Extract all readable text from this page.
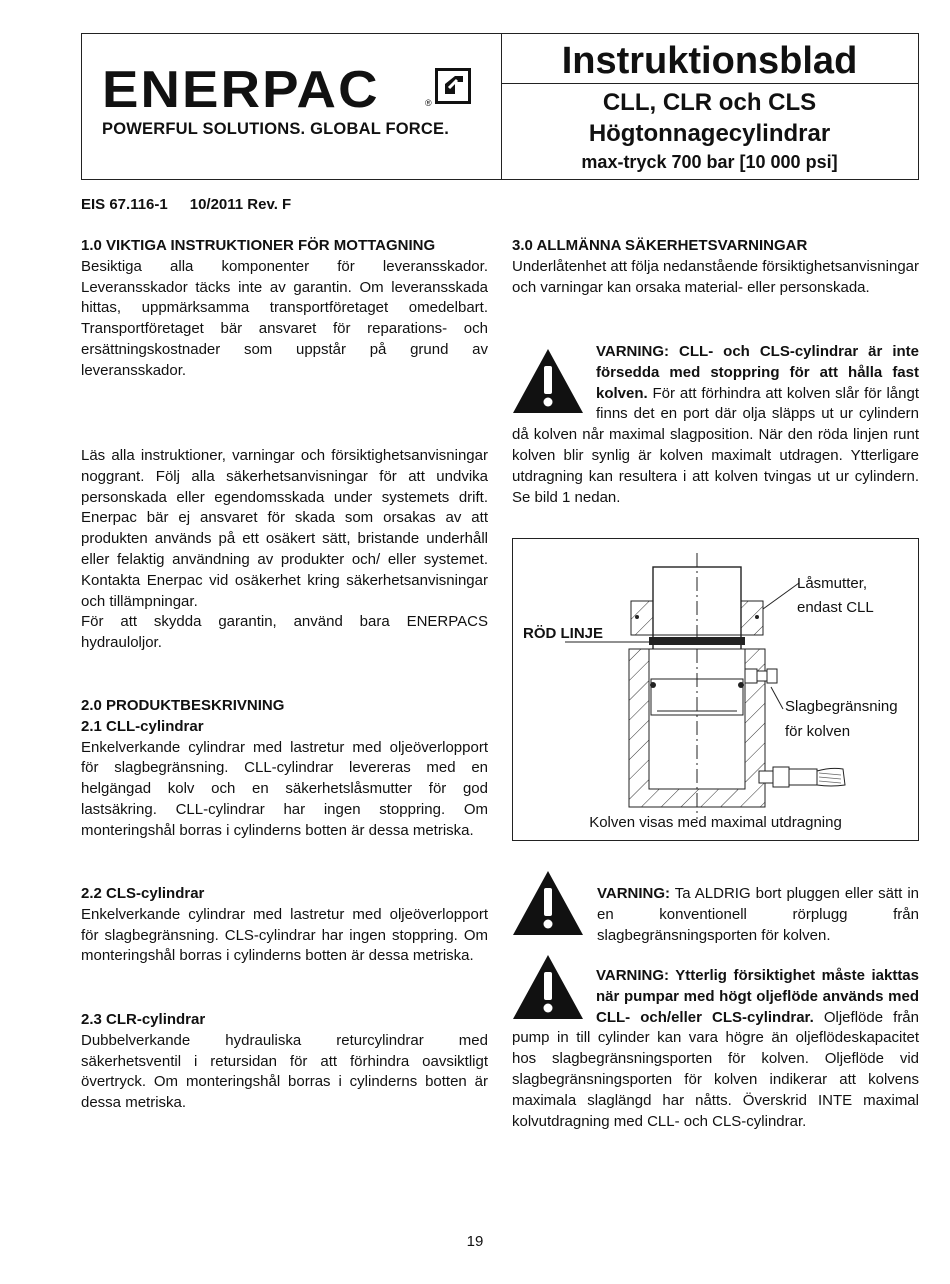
ENERPAC	®
POWERFUL SOLUTIONS. GLOBAL FORCE.
Instruktionsblad
CLL, CLR och CLS
Högtonnagecylindrar
max-tryck 700 bar [10 000 psi]
EIS 67.116-1 10/2011 Rev. F
1.0 VIKTIGA INSTRUKTIONER FÖR MOTTAGNING

Besiktiga alla komponenter för leveransskador. Leveransskador täcks inte av garantin. Om leveransskada hittas, uppmärksamma transportföretaget omedelbart. Transportföretaget bär ansvaret för reparations- och ersättningskostnader som uppstår på grund av leveransskador.

Läs alla instruktioner, varningar och försiktighetsanvisningar noggrant. Följ alla säkerhetsanvisningar för att undvika personskada eller egendomsskada under systemets drift. Enerpac bär ej ansvaret för skada som orsakas av att produkten används på ett osäkert sätt, bristande underhåll eller felaktig användning av produkter och/ eller systemet. Kontakta Enerpac vid osäkerhet kring säkerhetsanvisningar och tillämpningar.

För att skydda garantin, använd bara ENERPACS hydrauloljor.

2.0 PRODUKTBESKRIVNING
2.1 CLL-cylindrar

Enkelverkande cylindrar med lastretur med oljeöverlopport för slagbegränsning. CLL-cylindrar levereras med en helgängad kolv och en säkerhetslåsmutter för god lastsäkring. CLL-cylindrar har ingen stoppring. Om monteringshål borras i cylinderns botten är dessa metriska.

2.2 CLS-cylindrar

Enkelverkande cylindrar med lastretur med oljeöverlopport för slagbegränsning. CLS-cylindrar har ingen stoppring. Om monteringshål borras i cylinderns botten är dessa metriska.

2.3 CLR-cylindrar

Dubbelverkande hydrauliska returcylindrar med säkerhetsventil i retursidan för att förhindra oavsiktligt övertryck. Om monteringshål borras i cylinderns botten är dessa metriska.

3.0 ALLMÄNNA SÄKERHETSVARNINGAR

Underlåtenhet att följa nedanstående försiktighetsanvisningar och varningar kan orsaka material- eller personskada.

VARNING: CLL- och CLS-cylindrar är inte försedda med stoppring för att hålla fast kolven. För att förhindra att kolven slår för långt finns det en port där olja släpps ut ur cylindern då kolven når maximal slagposition. När den röda linjen runt kolven blir synlig är kolven maximalt utdragen. Ytterligare utdragning kan resultera i att kolven tvingas ut ur cylindern. Se bild 1 nedan.
Låsmutter,
endast CLL
RÖD LINJE
Slagbegränsning
för kolven
Kolven visas med maximal utdragning
VARNING: Ta ALDRIG bort pluggen eller sätt in en konventionell rörplugg från slagbegränsningsporten för kolven.
VARNING: Ytterlig försiktighet måste iakttas när pumpar med högt oljeflöde används med CLL- och/eller CLS-cylindrar. Oljeflöde från pump in till cylinder kan vara högre än oljeflödeskapacitet hos slagbegränsningsporten för kolven. Oljeflöde vid slagbegränsningsporten för kolven indikerar att kolvens maximala slaglängd har nåtts. Överskrid INTE maximal kolvutdragning med CLL- och CLS-cylindrar.
19
